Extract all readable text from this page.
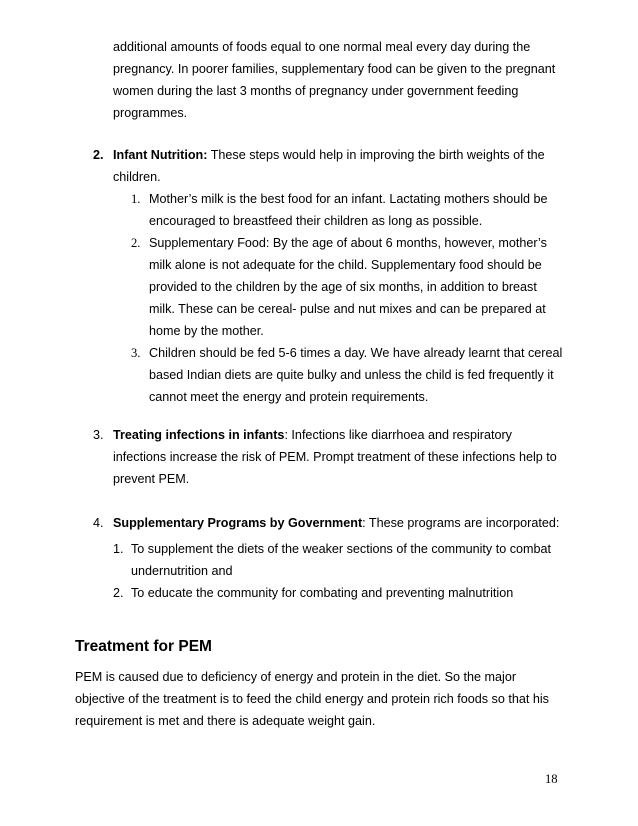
additional amounts of foods equal to one normal meal every day during the pregnancy. In poorer families, supplementary food can be given to the pregnant women during the last 3 months of pregnancy under government feeding programmes.

2. Infant Nutrition: These steps would help in improving the birth weights of the children.
1. Mother’s milk is the best food for an infant. Lactating mothers should be encouraged to breastfeed their children as long as possible.
2. Supplementary Food: By the age of about 6 months, however, mother’s milk alone is not adequate for the child. Supplementary food should be provided to the children by the age of six months, in addition to breast milk. These can be cereal- pulse and nut mixes and can be prepared at home by the mother.
3. Children should be fed 5-6 times a day. We have already learnt that cereal based Indian diets are quite bulky and unless the child is fed frequently it cannot meet the energy and protein requirements.
3. Treating infections in infants: Infections like diarrhoea and respiratory infections increase the risk of PEM. Prompt treatment of these infections help to prevent PEM.
4. Supplementary Programs by Government: These programs are incorporated:
1. To supplement the diets of the weaker sections of the community to combat undernutrition and
2. To educate the community for combating and preventing malnutrition
Treatment for PEM

PEM is caused due to deficiency of energy and protein in the diet. So the major objective of the treatment is to feed the child energy and protein rich foods so that his requirement is met and there is adequate weight gain.

18
